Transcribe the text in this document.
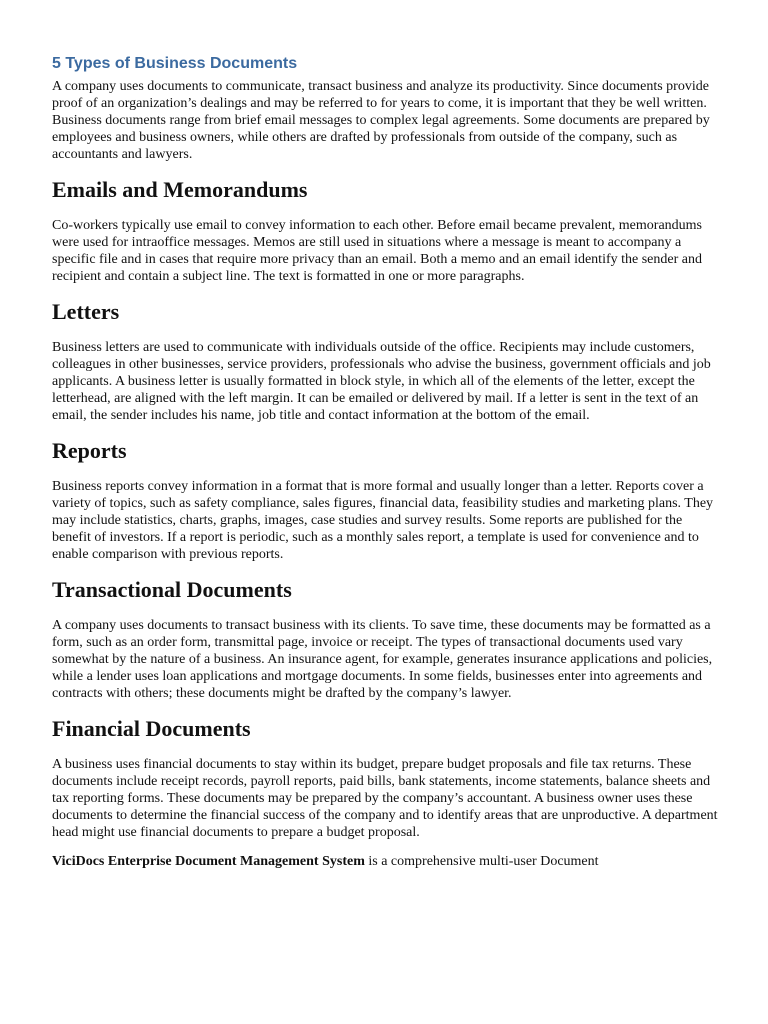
5 Types of Business Documents

A company uses documents to communicate, transact business and analyze its productivity. Since documents provide proof of an organization’s dealings and may be referred to for years to come, it is important that they be well written. Business documents range from brief email messages to complex legal agreements. Some documents are prepared by employees and business owners, while others are drafted by professionals from outside of the company, such as accountants and lawyers.

Emails and Memorandums

Co-workers typically use email to convey information to each other. Before email became prevalent, memorandums were used for intraoffice messages. Memos are still used in situations where a message is meant to accompany a specific file and in cases that require more privacy than an email. Both a memo and an email identify the sender and recipient and contain a subject line. The text is formatted in one or more paragraphs.

Letters

Business letters are used to communicate with individuals outside of the office. Recipients may include customers, colleagues in other businesses, service providers, professionals who advise the business, government officials and job applicants. A business letter is usually formatted in block style, in which all of the elements of the letter, except the letterhead, are aligned with the left margin. It can be emailed or delivered by mail. If a letter is sent in the text of an email, the sender includes his name, job title and contact information at the bottom of the email.

Reports

Business reports convey information in a format that is more formal and usually longer than a letter. Reports cover a variety of topics, such as safety compliance, sales figures, financial data, feasibility studies and marketing plans. They may include statistics, charts, graphs, images, case studies and survey results. Some reports are published for the benefit of investors. If a report is periodic, such as a monthly sales report, a template is used for convenience and to enable comparison with previous reports.

Transactional Documents

A company uses documents to transact business with its clients. To save time, these documents may be formatted as a form, such as an order form, transmittal page, invoice or receipt. The types of transactional documents used vary somewhat by the nature of a business. An insurance agent, for example, generates insurance applications and policies, while a lender uses loan applications and mortgage documents. In some fields, businesses enter into agreements and contracts with others; these documents might be drafted by the company’s lawyer.

Financial Documents

A business uses financial documents to stay within its budget, prepare budget proposals and file tax returns. These documents include receipt records, payroll reports, paid bills, bank statements, income statements, balance sheets and tax reporting forms. These documents may be prepared by the company’s accountant. A business owner uses these documents to determine the financial success of the company and to identify areas that are unproductive. A department head might use financial documents to prepare a budget proposal.

ViciDocs Enterprise Document Management System is a comprehensive multi-user Document
